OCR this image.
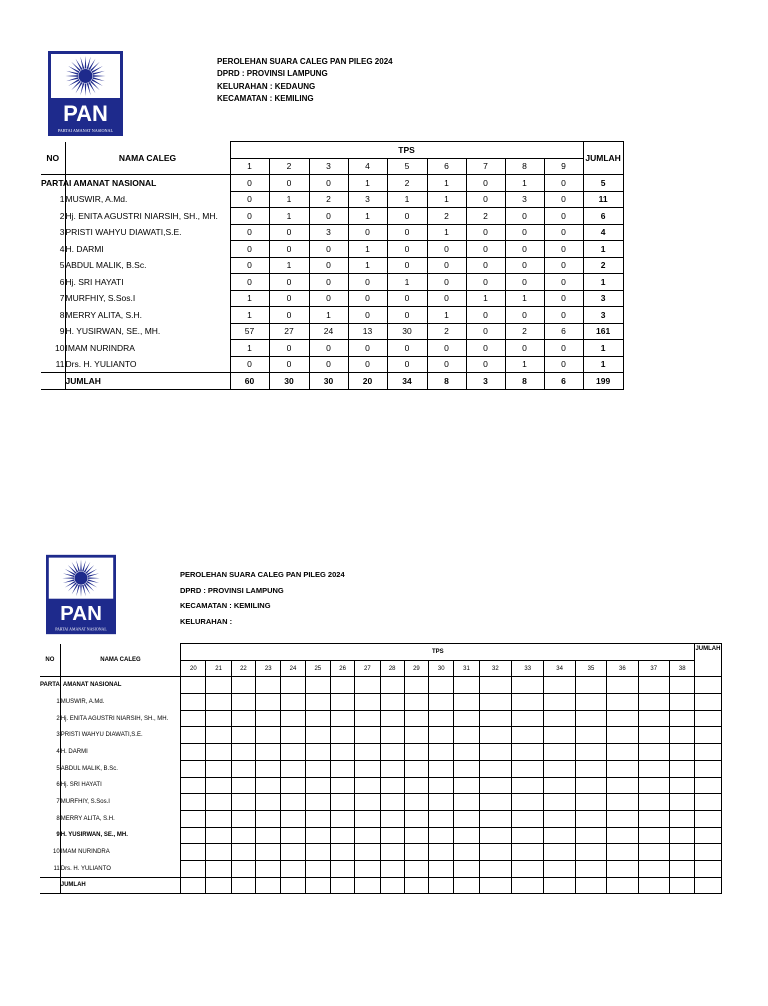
PAN
PARTAI AMANAT NASIONAL
PEROLEHAN SUARA CALEG PAN PILEG 2024
DPRD : PROVINSI LAMPUNG
KELURAHAN : KEDAUNG
KECAMATAN : KEMILING
NO	NAMA CALEG	TPS									JUMLAH
		1	2	3	4	5	6	7	8	9	

PARTAI AMANAT NASIONAL		0	0	0	1	2	1	0	1	0	5
1	MUSWIR, A.Md.	0	1	2	3	1	1	0	3	0	11
2	Hj. ENITA AGUSTRI NIARSIH, SH., MH.	0	1	0	1	0	2	2	0	0	6
3	PRISTI WAHYU DIAWATI,S.E.	0	0	3	0	0	1	0	0	0	4
4	H. DARMI	0	0	0	1	0	0	0	0	0	1
5	ABDUL MALIK, B.Sc.	0	1	0	1	0	0	0	0	0	2
6	Hj. SRI HAYATI	0	0	0	0	1	0	0	0	0	1
7	MURFHIY, S.Sos.I	1	0	0	0	0	0	1	1	0	3
8	MERRY ALITA, S.H.	1	0	1	0	0	1	0	0	0	3
9	H. YUSIRWAN, SE., MH.	57	27	24	13	30	2	0	2	6	161
10	IMAM NURINDRA	1	0	0	0	0	0	0	0	0	1
11	Drs. H. YULIANTO	0	0	0	0	0	0	0	1	0	1
	JUMLAH	60	30	30	20	34	8	3	8	6	199
PAN
PARTAI AMANAT NASIONAL
PEROLEHAN SUARA CALEG PAN PILEG 2024
DPRD : PROVINSI LAMPUNG
KECAMATAN : KEMILING
KELURAHAN :
NO	NAMA CALEG	TPS																			JUMLAH
		20	21	22	23	24	25	26	27	28	29	30	31	32	33	34	35	36	37	38	

PARTAI AMANAT NASIONAL																					

1	MUSWIR, A.Md.																				
2	Hj. ENITA AGUSTRI NIARSIH, SH., MH.																				
3	PRISTI WAHYU DIAWATI,S.E.																				
4	H. DARMI																				
5	ABDUL MALIK, B.Sc.																				
6	Hj. SRI HAYATI																				
7	MURFHIY, S.Sos.I																				
8	MERRY ALITA, S.H.																				
9	H. YUSIRWAN, SE., MH.																				
10	IMAM NURINDRA																				
11	Drs. H. YULIANTO																				
	JUMLAH																				
